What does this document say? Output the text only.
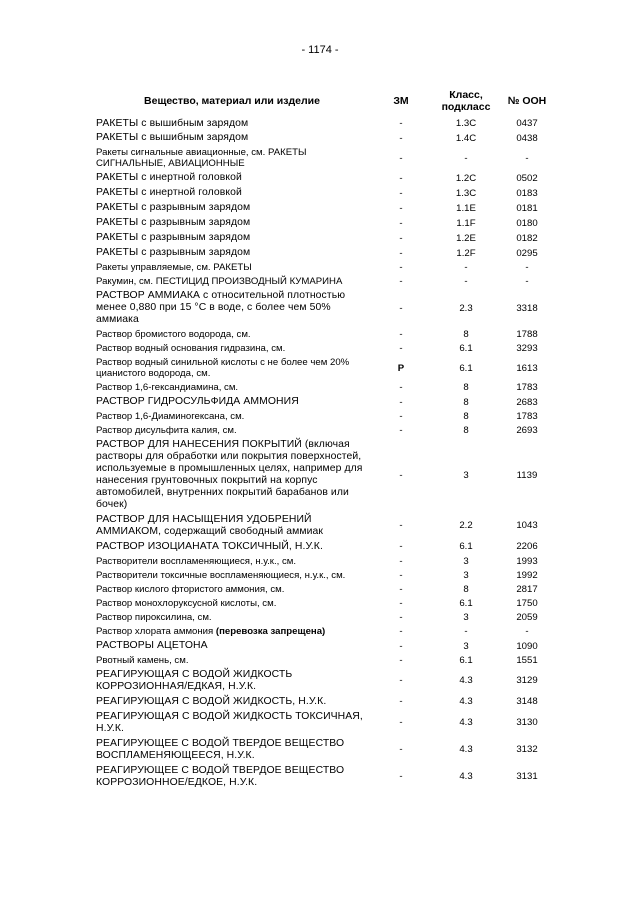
- 1174 -
Вещество, материал или изделие	ЗМ	Класс, подкласс	№ ООН
РАКЕТЫ с вышибным зарядом	-	1.3С	0437
РАКЕТЫ с вышибным зарядом	-	1.4С	0438
Ракеты сигнальные авиационные, см. РАКЕТЫ СИГНАЛЬНЫЕ, АВИАЦИОННЫЕ	-	-	-
РАКЕТЫ с инертной головкой	-	1.2С	0502
РАКЕТЫ с инертной головкой	-	1.3С	0183
РАКЕТЫ с разрывным зарядом	-	1.1Е	0181
РАКЕТЫ с разрывным зарядом	-	1.1F	0180
РАКЕТЫ с разрывным зарядом	-	1.2Е	0182
РАКЕТЫ с разрывным зарядом	-	1.2F	0295
Ракеты управляемые, см. РАКЕТЫ	-	-	-
Ракумин, см. ПЕСТИЦИД ПРОИЗВОДНЫЙ КУМАРИНА	-	-	-
РАСТВОР АММИАКА с относительной плотностью менее 0,880 при 15 °С в воде, с более чем 50% аммиака	-	2.3	3318
Раствор бромистого водорода, см.	-	8	1788
Раствор водный основания гидразина, см.	-	6.1	3293
Раствор водный синильной кислоты с не более чем 20% цианистого водорода, см.	Р	6.1	1613
Раствор 1,6-гександиамина, см.	-	8	1783
РАСТВОР ГИДРОСУЛЬФИДА АММОНИЯ	-	8	2683
Раствор 1,6-Диаминогексана, см.	-	8	1783
Раствор дисульфита калия, см.	-	8	2693
РАСТВОР ДЛЯ НАНЕСЕНИЯ ПОКРЫТИЙ (включая растворы для обработки или покрытия поверхностей, используемые в промышленных целях, например для нанесения грунтовочных покрытий на корпус автомобилей, внутренних покрытий барабанов или бочек)	-	3	1139
РАСТВОР ДЛЯ НАСЫЩЕНИЯ УДОБРЕНИЙ АММИАКОМ, содержащий свободный аммиак	-	2.2	1043
РАСТВОР ИЗОЦИАНАТА ТОКСИЧНЫЙ, Н.У.К.	-	6.1	2206
Растворители воспламеняющиеся, н.у.к., см.	-	3	1993
Растворители токсичные воспламеняющиеся, н.у.к., см.	-	3	1992
Раствор кислого фтористого аммония, см.	-	8	2817
Раствор монохлоруксусной кислоты, см.	-	6.1	1750
Раствор пироксилина, см.	-	3	2059
Раствор хлората аммония (перевозка запрещена)	-	-	-
РАСТВОРЫ АЦЕТОНА	-	3	1090
Рвотный камень, см.	-	6.1	1551
РЕАГИРУЮЩАЯ С ВОДОЙ ЖИДКОСТЬ КОРРОЗИОННАЯ/ЕДКАЯ, Н.У.К.	-	4.3	3129
РЕАГИРУЮЩАЯ С ВОДОЙ ЖИДКОСТЬ, Н.У.К.	-	4.3	3148
РЕАГИРУЮЩАЯ С ВОДОЙ ЖИДКОСТЬ ТОКСИЧНАЯ, Н.У.К.	-	4.3	3130
РЕАГИРУЮЩЕЕ С ВОДОЙ ТВЕРДОЕ ВЕЩЕСТВО ВОСПЛАМЕНЯЮЩЕЕСЯ, Н.У.К.	-	4.3	3132
РЕАГИРУЮЩЕЕ С ВОДОЙ ТВЕРДОЕ ВЕЩЕСТВО КОРРОЗИОННОЕ/ЕДКОЕ, Н.У.К.	-	4.3	3131
